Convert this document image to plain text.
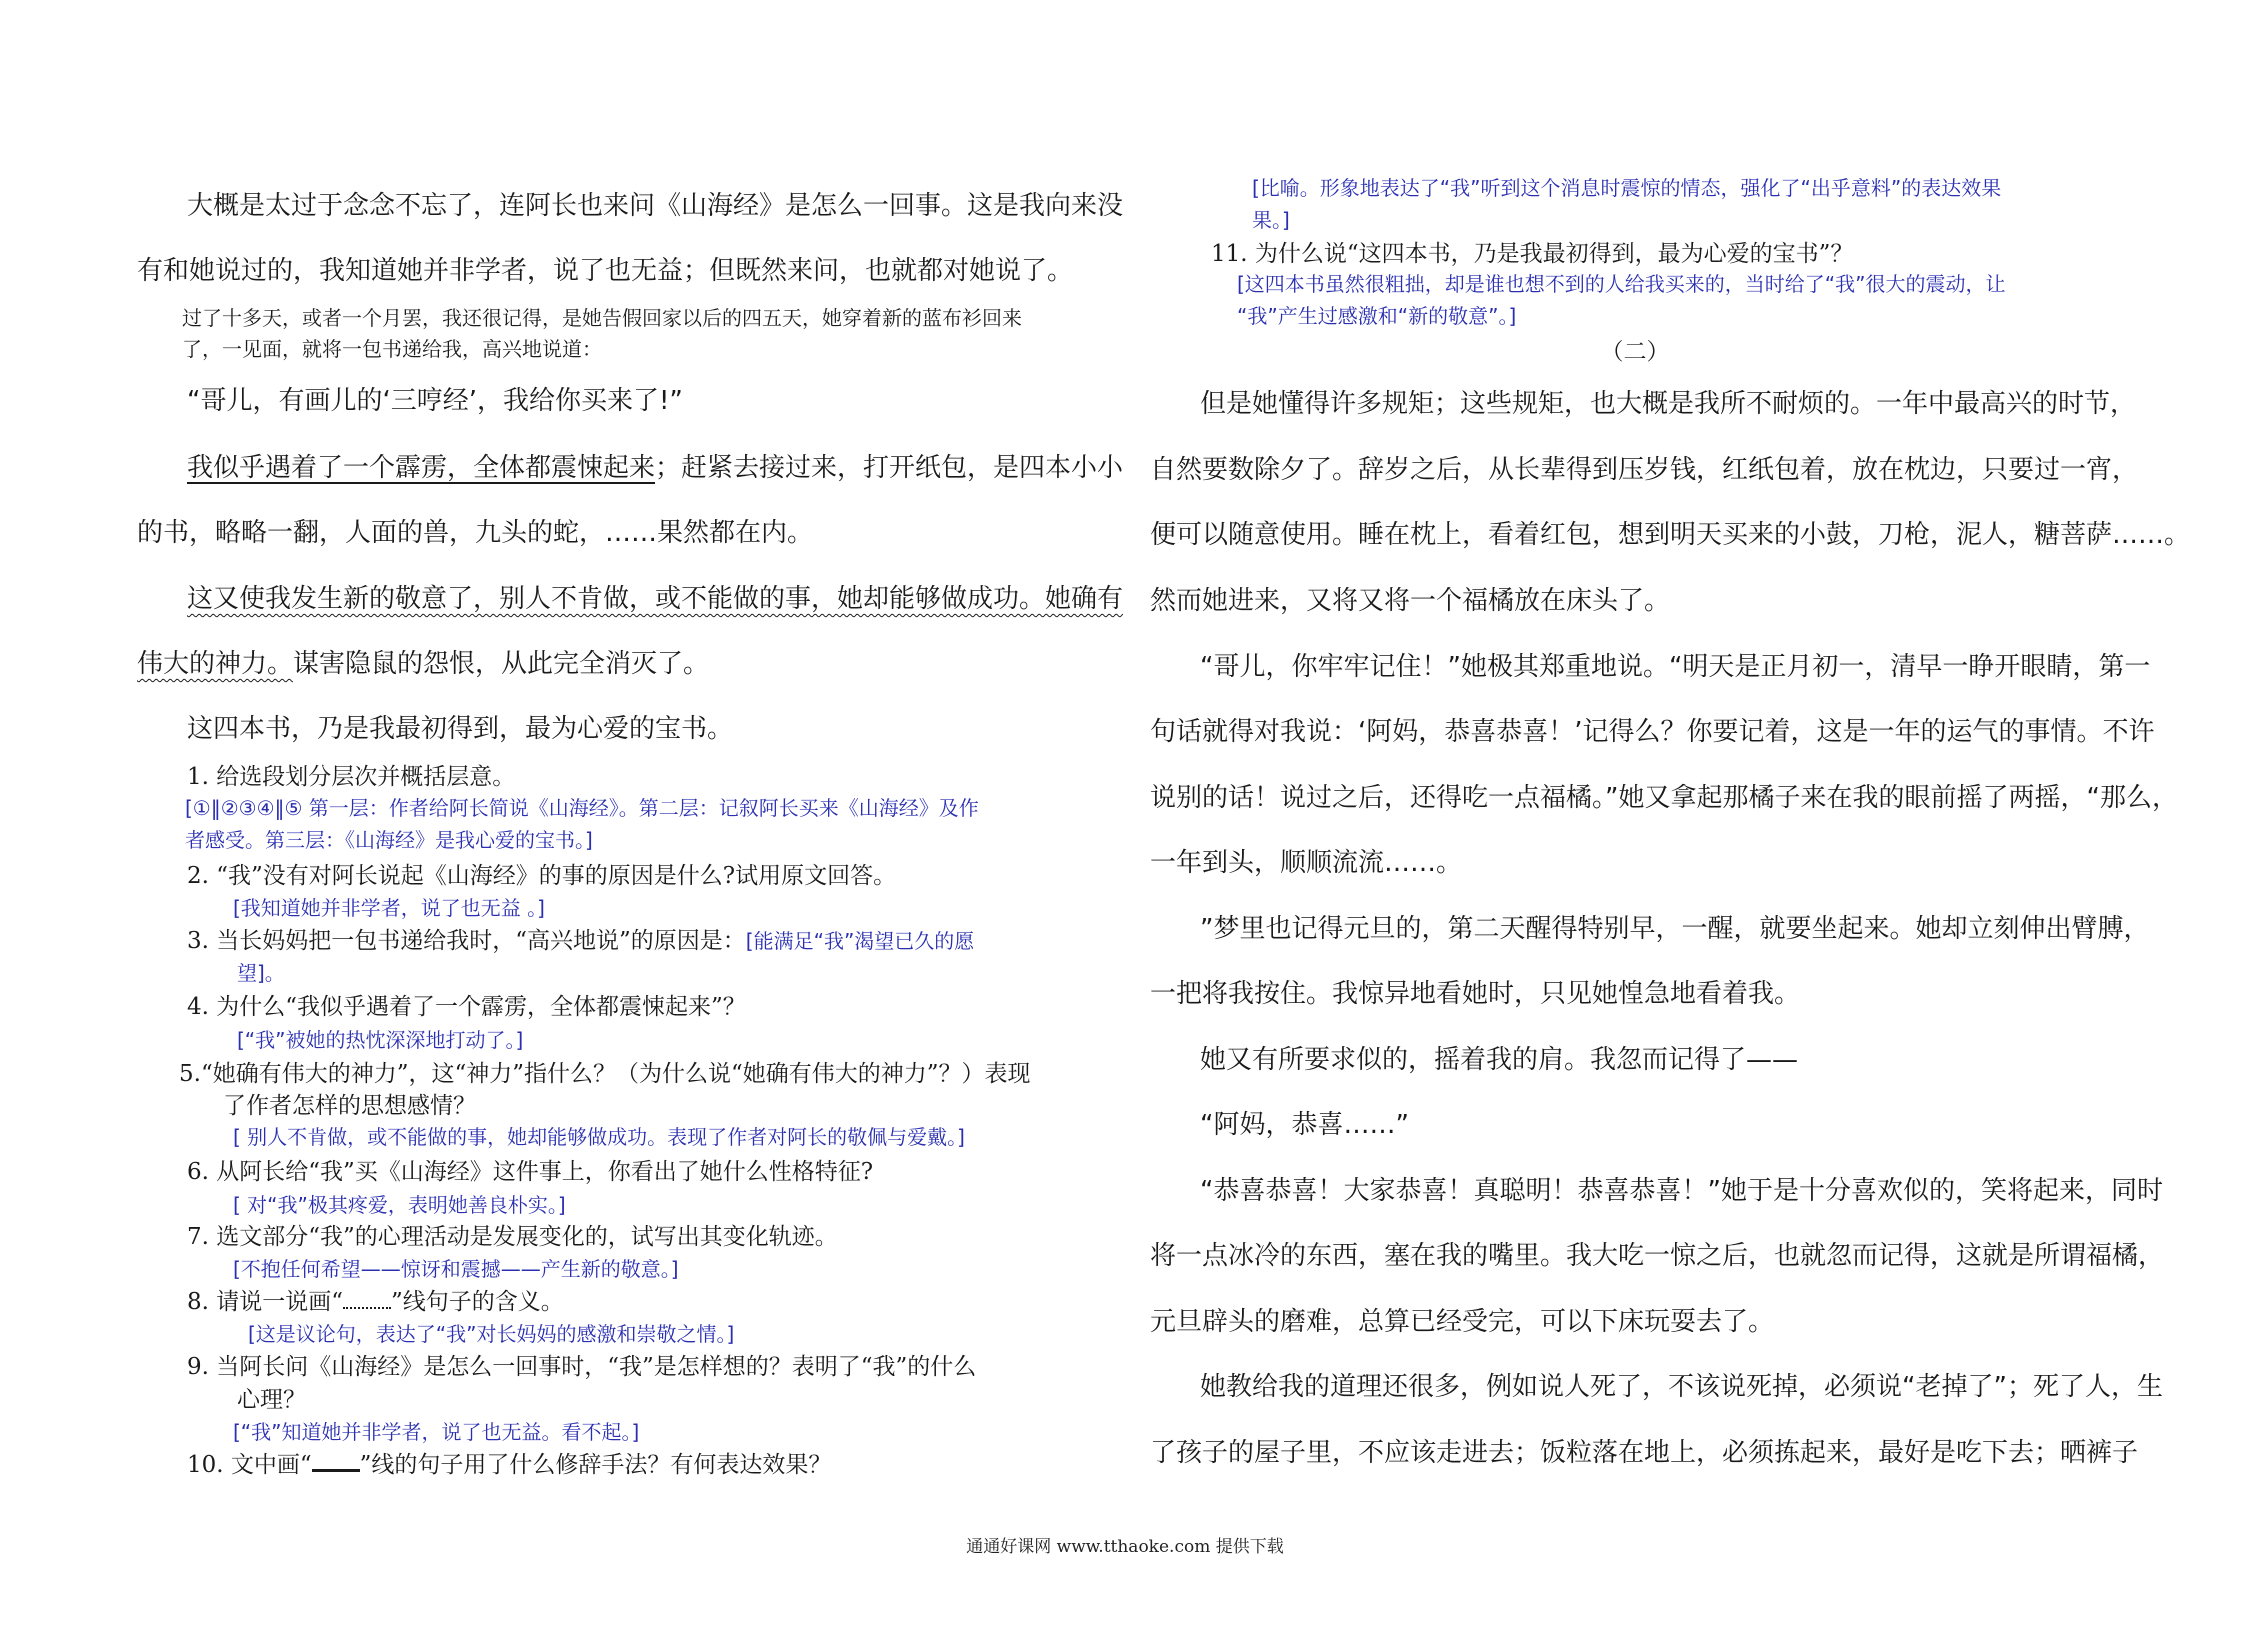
大概是太过于念念不忘了，连阿长也来问《山海经》是怎么一回事。这是我向来没
有和她说过的，我知道她并非学者，说了也无益；但既然来问，也就都对她说了。
过了十多天，或者一个月罢，我还很记得，是她告假回家以后的四五天，她穿着新的蓝布衫回来
了，一见面，就将一包书递给我，高兴地说道：
“哥儿，有画儿的‘三哼经’，我给你买来了!”
我似乎遇着了一个霹雳，全体都震悚起来；赶紧去接过来，打开纸包，是四本小小
的书，略略一翻，人面的兽，九头的蛇，……果然都在内。
这又使我发生新的敬意了，别人不肯做，或不能做的事，她却能够做成功。她确有
伟大的神力。谋害隐鼠的怨恨，从此完全消灭了。
这四本书，乃是我最初得到，最为心爱的宝书。
1. 给选段划分层次并概括层意。
[①‖②③④‖⑤ 第一层：作者给阿长简说《山海经》。第二层：记叙阿长买来《山海经》及作
者感受。第三层：《山海经》是我心爱的宝书。]
2. “我”没有对阿长说起《山海经》的事的原因是什么?试用原文回答。
[我知道她并非学者，说了也无益 。]
3. 当长妈妈把一包书递给我时，“高兴地说”的原因是：[能满足“我”渴望已久的愿
望]。
4. 为什么“我似乎遇着了一个霹雳，全体都震悚起来”？
[“我”被她的热忱深深地打动了。]
5.“她确有伟大的神力”，这“神力”指什么？（为什么说“她确有伟大的神力”？）表现
了作者怎样的思想感情？
[ 别人不肯做，或不能做的事，她却能够做成功。表现了作者对阿长的敬佩与爱戴。]
6. 从阿长给“我”买《山海经》这件事上，你看出了她什么性格特征?
[ 对“我”极其疼爱，表明她善良朴实。]
7. 选文部分“我”的心理活动是发展变化的，试写出其变化轨迹。
[不抱任何希望——惊讶和震撼——产生新的敬意。]
8. 请说一说画“ ”线句子的含义。
[这是议论句，表达了“我”对长妈妈的感激和崇敬之情。]
9. 当阿长问《山海经》是怎么一回事时，“我”是怎样想的？表明了“我”的什么
心理？
[“我”知道她并非学者，说了也无益。看不起。]
10. 文中画“ ”线的句子用了什么修辞手法？有何表达效果？
[比喻。形象地表达了“我”听到这个消息时震惊的情态，强化了“出乎意料”的表达效果
果。]
11. 为什么说“这四本书，乃是我最初得到，最为心爱的宝书”？
[这四本书虽然很粗拙，却是谁也想不到的人给我买来的，当时给了“我”很大的震动，让
“我”产生过感激和“新的敬意”。]
（二）
但是她懂得许多规矩；这些规矩，也大概是我所不耐烦的。一年中最高兴的时节，
自然要数除夕了。辞岁之后，从长辈得到压岁钱，红纸包着，放在枕边，只要过一宵，
便可以随意使用。睡在枕上，看着红包，想到明天买来的小鼓，刀枪，泥人，糖菩萨……。
然而她进来，又将又将一个福橘放在床头了。
“哥儿，你牢牢记住！”她极其郑重地说。“明天是正月初一，清早一睁开眼睛，第一
句话就得对我说：‘阿妈，恭喜恭喜！’记得么？你要记着，这是一年的运气的事情。不许
说别的话！说过之后，还得吃一点福橘。”她又拿起那橘子来在我的眼前摇了两摇，“那么，
一年到头，顺顺流流……。
”梦里也记得元旦的，第二天醒得特别早，一醒，就要坐起来。她却立刻伸出臂膊，
一把将我按住。我惊异地看她时，只见她惶急地看着我。
她又有所要求似的，摇着我的肩。我忽而记得了——
“阿妈，恭喜……”
“恭喜恭喜！大家恭喜！真聪明！恭喜恭喜！”她于是十分喜欢似的，笑将起来，同时
将一点冰冷的东西，塞在我的嘴里。我大吃一惊之后，也就忽而记得，这就是所谓福橘，
元旦辟头的磨难，总算已经受完，可以下床玩耍去了。
她教给我的道理还很多，例如说人死了，不该说死掉，必须说“老掉了”；死了人，生
了孩子的屋子里，不应该走进去；饭粒落在地上，必须拣起来，最好是吃下去；晒裤子
通通好课网 www.tthaoke.com 提供下载
